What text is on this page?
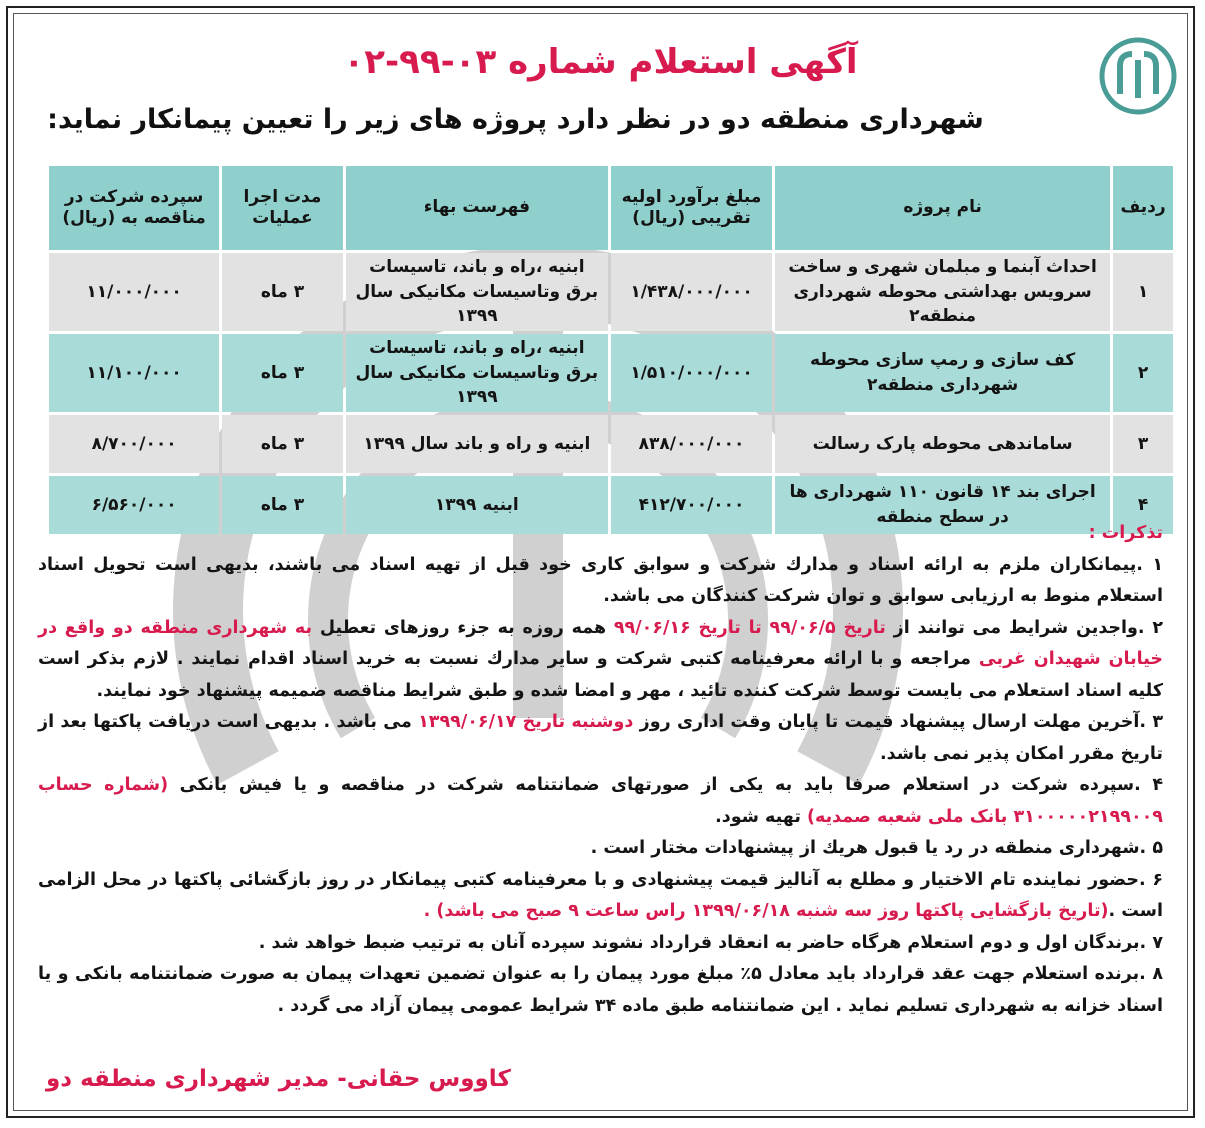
آگهی استعلام شماره ۰۳-۹۹-۰۲
شهرداری منطقه دو در نظر دارد پروژه های زیر را تعیین پیمانکار نماید:
ردیف	نام پروژه	مبلغ برآورد اولیه تقریبی (ریال)	فهرست بهاء	مدت اجرا عملیات	سپرده شرکت در مناقصه به (ریال)
۱	احداث آبنما و مبلمان شهری و ساخت سرویس بهداشتی محوطه شهرداری منطقه۲	۱/۴۳۸/۰۰۰/۰۰۰	ابنیه ،راه و باند، تاسیسات برق وتاسیسات مکانیکی سال ۱۳۹۹	۳ ماه	۱۱/۰۰۰/۰۰۰
۲	کف سازی و رمپ سازی محوطه شهرداری منطقه۲	۱/۵۱۰/۰۰۰/۰۰۰	ابنیه ،راه و باند، تاسیسات برق وتاسیسات مکانیکی سال ۱۳۹۹	۳ ماه	۱۱/۱۰۰/۰۰۰
۳	ساماندهی محوطه پارک رسالت	۸۳۸/۰۰۰/۰۰۰	ابنیه و راه و باند سال ۱۳۹۹	۳ ماه	۸/۷۰۰/۰۰۰
۴	اجرای بند ۱۴ قانون ۱۱۰ شهرداری ها در سطح منطقه	۴۱۲/۷۰۰/۰۰۰	ابنیه ۱۳۹۹	۳ ماه	۶/۵۶۰/۰۰۰

تذکرات :

۱ .پیمانکاران ملزم به ارائه اسناد و مدارك شرکت و سوابق کاری خود قبل از تهیه اسناد می باشند، بدیهی است تحویل اسناد استعلام منوط به ارزیابی سوابق و توان شرکت کنندگان می باشد.

۲ .واجدین شرایط می توانند از تاریخ ۹۹/۰۶/۵ تا تاریخ ۹۹/۰۶/۱۶ همه روزه به جزء روزهای تعطیل به شهرداری منطقه دو واقع در خیابان شهیدان غربی مراجعه و با ارائه معرفینامه کتبی شرکت و سایر مدارك نسبت به خرید اسناد اقدام نمایند . لازم بذکر است کلیه اسناد استعلام می بایست توسط شرکت کننده تائید ، مهر و امضا شده و طبق شرایط مناقصه ضمیمه پیشنهاد خود نمایند.

۳ .آخرین مهلت ارسال پیشنهاد قیمت تا پایان وقت اداری روز دوشنبه تاریخ ۱۳۹۹/۰۶/۱۷ می باشد . بدیهی است دریافت پاکتها بعد از تاریخ مقرر امکان پذیر نمی باشد.

۴ .سپرده شرکت در استعلام صرفا باید به یکی از صورتهای ضمانتنامه شرکت در مناقصه و یا فیش بانکی (شماره حساب ۳۱۰۰۰۰۰۲۱۹۹۰۰۹ بانک ملی شعبه صمدیه) تهیه شود.

۵ .شهرداری منطقه در رد یا قبول هریك از پیشنهادات مختار است .

۶ .حضور نماینده تام الاختیار و مطلع به آنالیز قیمت پیشنهادی و با معرفینامه کتبی پیمانکار در روز بازگشائی پاکتها در محل الزامی است .(تاریخ بازگشایی پاکتها روز سه شنبه ۱۳۹۹/۰۶/۱۸ راس ساعت ۹ صبح می باشد) .

۷ .برندگان اول و دوم استعلام هرگاه حاضر به انعقاد قرارداد نشوند سپرده آنان به ترتیب ضبط خواهد شد .

۸ .برنده استعلام جهت عقد قرارداد باید معادل ۵٪ مبلغ مورد پیمان را به عنوان تضمین تعهدات پیمان به صورت ضمانتنامه بانکی و یا اسناد خزانه به شهرداری تسلیم نماید . این ضمانتنامه طبق ماده ۳۴ شرایط عمومی پیمان آزاد می گردد .

کاووس حقانی- مدیر شهرداری منطقه دو
